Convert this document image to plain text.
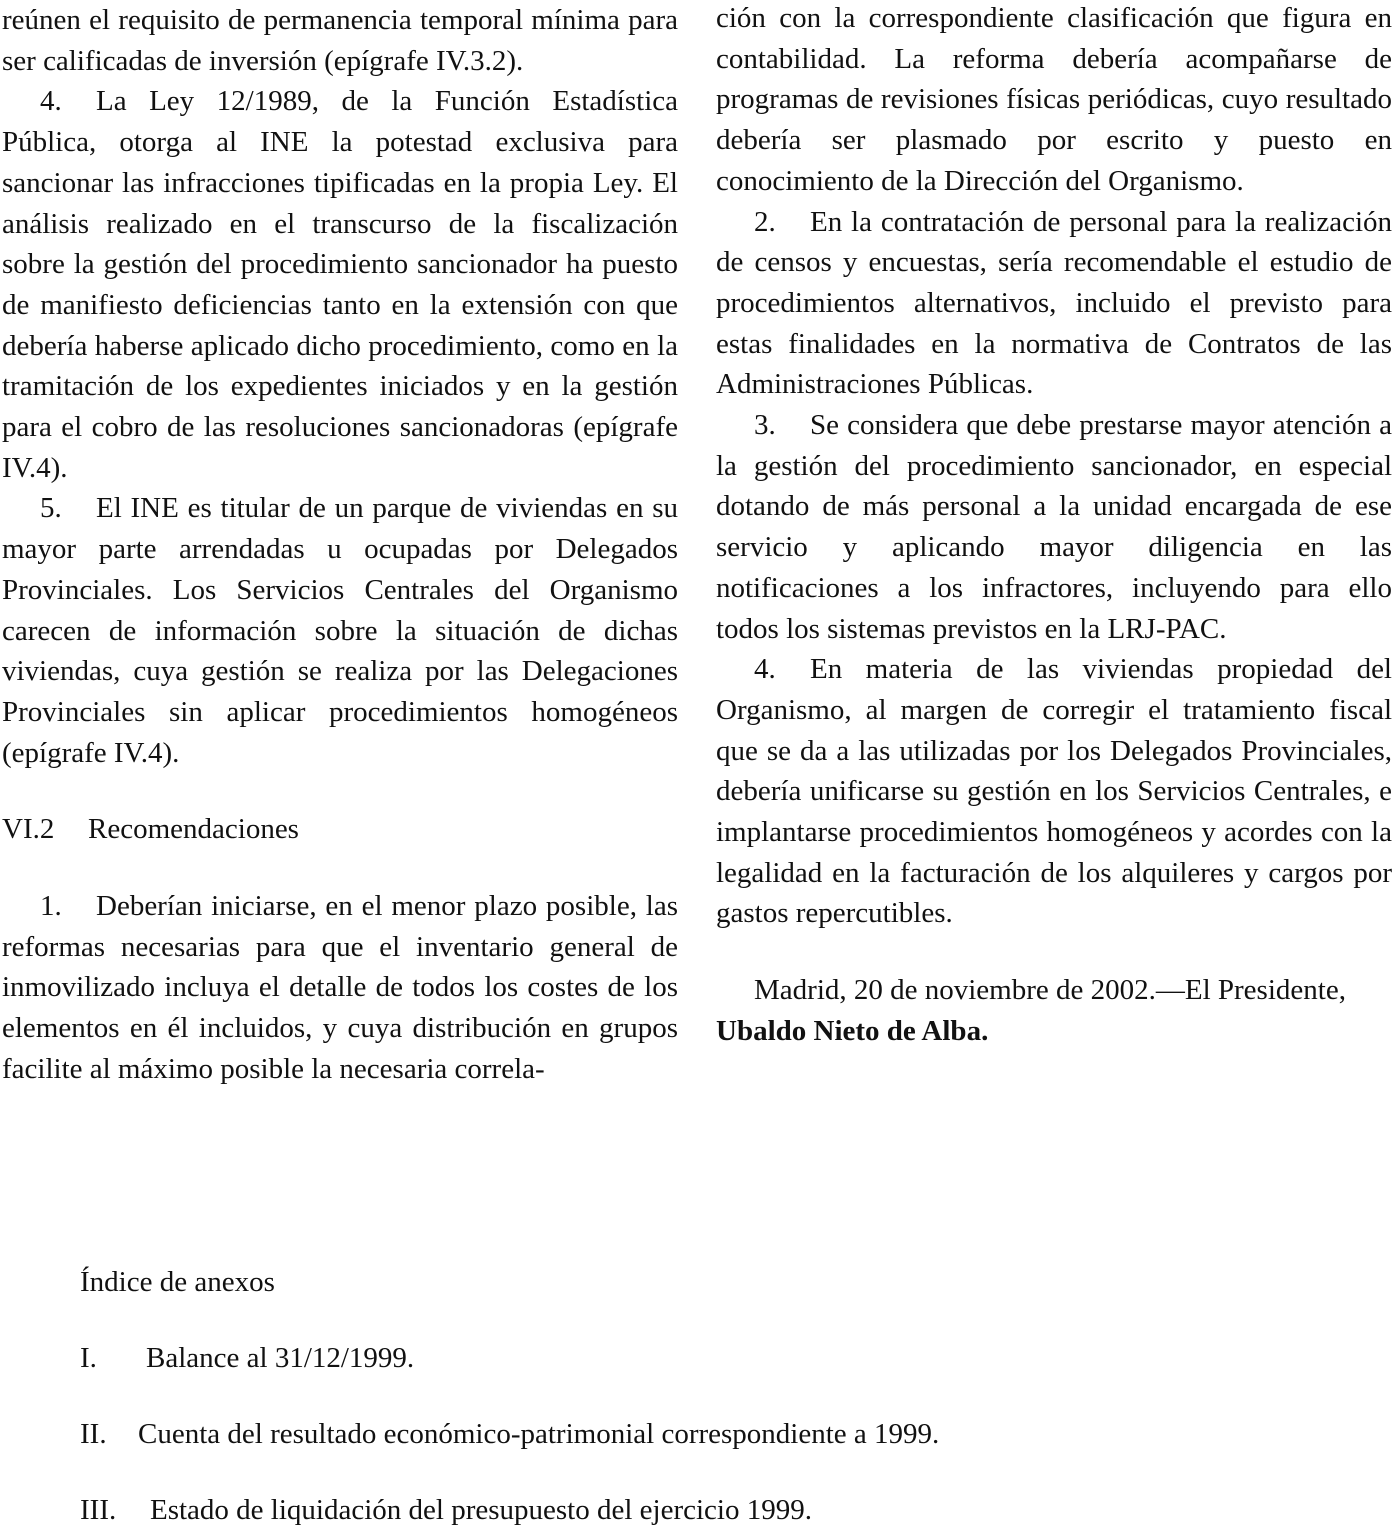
reúnen el requisito de permanencia temporal mínima para ser calificadas de inversión (epígrafe IV.3.2).

4. La Ley 12/1989, de la Función Estadística Pública, otorga al INE la potestad exclusiva para sancionar las infracciones tipificadas en la propia Ley. El análisis realizado en el transcurso de la fiscalización sobre la gestión del procedimiento sancionador ha puesto de manifiesto deficiencias tanto en la extensión con que debería haberse aplicado dicho procedimiento, como en la tramitación de los expedientes iniciados y en la gestión para el cobro de las resoluciones sancionadoras (epígrafe IV.4).

5. El INE es titular de un parque de viviendas en su mayor parte arrendadas u ocupadas por Delegados Provinciales. Los Servicios Centrales del Organismo carecen de información sobre la situación de dichas viviendas, cuya gestión se realiza por las Delegaciones Provinciales sin aplicar procedimientos homogéneos (epígrafe IV.4).

VI.2 Recomendaciones

1. Deberían iniciarse, en el menor plazo posible, las reformas necesarias para que el inventario general de inmovilizado incluya el detalle de todos los costes de los elementos en él incluidos, y cuya distribución en grupos facilite al máximo posible la necesaria correla-

ción con la correspondiente clasificación que figura en contabilidad. La reforma debería acompañarse de programas de revisiones físicas periódicas, cuyo resultado debería ser plasmado por escrito y puesto en conocimiento de la Dirección del Organismo.

2. En la contratación de personal para la realización de censos y encuestas, sería recomendable el estudio de procedimientos alternativos, incluido el previsto para estas finalidades en la normativa de Contratos de las Administraciones Públicas.

3. Se considera que debe prestarse mayor atención a la gestión del procedimiento sancionador, en especial dotando de más personal a la unidad encargada de ese servicio y aplicando mayor diligencia en las notificaciones a los infractores, incluyendo para ello todos los sistemas previstos en la LRJ-PAC.

4. En materia de las viviendas propiedad del Organismo, al margen de corregir el tratamiento fiscal que se da a las utilizadas por los Delegados Provinciales, debería unificarse su gestión en los Servicios Centrales, e implantarse procedimientos homogéneos y acordes con la legalidad en la facturación de los alquileres y cargos por gastos repercutibles.

Madrid, 20 de noviembre de 2002.—El Presidente,

Ubaldo Nieto de Alba.

Índice de anexos
I. Balance al 31/12/1999.
II. Cuenta del resultado económico-patrimonial correspondiente a 1999.
III. Estado de liquidación del presupuesto del ejercicio 1999.
